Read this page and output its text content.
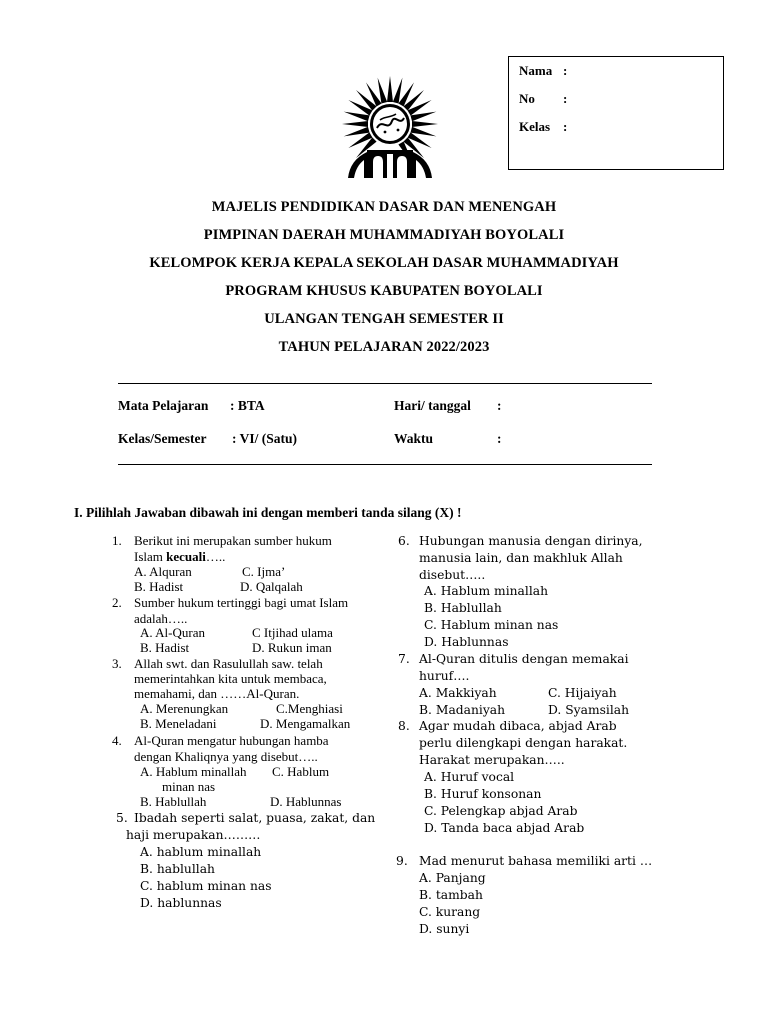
Nama :
No :
Kelas :
MAJELIS PENDIDIKAN DASAR DAN MENENGAH
PIMPINAN DAERAH MUHAMMADIYAH BOYOLALI
KELOMPOK KERJA KEPALA SEKOLAH DASAR MUHAMMADIYAH
PROGRAM KHUSUS KABUPATEN BOYOLALI
ULANGAN TENGAH SEMESTER II
TAHUN PELAJARAN 2022/2023
Mata Pelajaran : BTA	Hari/ tanggal :
Kelas/Semester : VI/ (Satu)	Waktu	:
I. Pilihlah Jawaban dibawah ini dengan memberi tanda silang (X) !
1. Berikut ini merupakan sumber hukum
Islam kecuali…..
A. Alquran	C. Ijma’
B. Hadist	D. Qalqalah
2. Sumber hukum tertinggi bagi umat Islam
adalah…..
A. Al-Quran	C Itjihad ulama
B. Hadist	D. Rukun iman
3. Allah swt. dan Rasulullah saw. telah
memerintahkan kita untuk membaca,
memahami, dan ……Al-Quran.
A. Merenungkan	C.Menghiasi
B. Meneladani	D. Mengamalkan
4. Al-Quran mengatur hubungan hamba
dengan Khaliqnya yang disebut…..
A. Hablum minallah C. Hablum
minan nas
B. Hablullah	D. Hablunnas
5. Ibadah seperti salat, puasa, zakat, dan
haji merupakan………
A. hablum minallah
B. hablullah
C. hablum minan nas
D. hablunnas
6. Hubungan manusia dengan dirinya,
manusia lain, dan makhluk Allah
disebut…..
A. Hablum minallah
B. Hablullah
C. Hablum minan nas
D. Hablunnas
7. Al-Quran ditulis dengan memakai
huruf….
A. Makkiyah	C. Hijaiyah
B. Madaniyah	D. Syamsilah
8. Agar mudah dibaca, abjad Arab
perlu dilengkapi dengan harakat.
Harakat merupakan…..
A. Huruf vocal
B. Huruf konsonan
C. Pelengkap abjad Arab
D. Tanda baca abjad Arab
9. Mad menurut bahasa memiliki arti …
A. Panjang
B. tambah
C. kurang
D. sunyi
